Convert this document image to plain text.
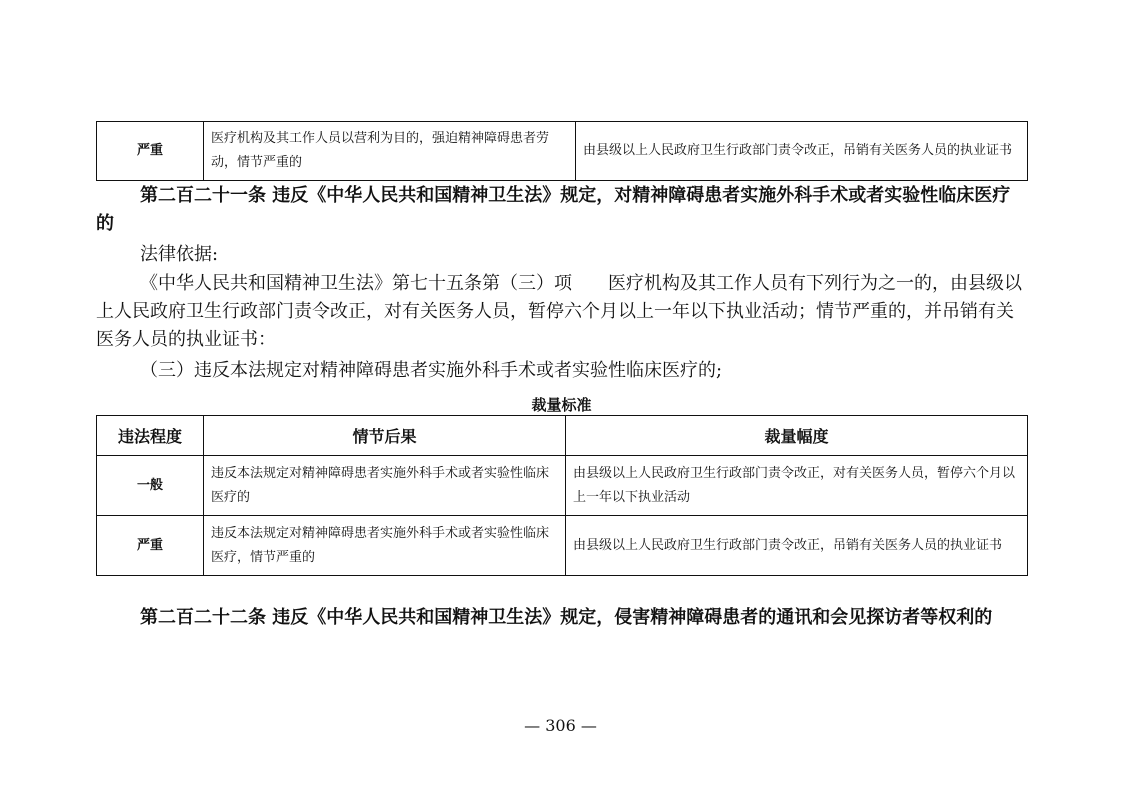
严重	医疗机构及其工作人员以营利为目的，强迫精神障碍患者劳动，情节严重的	由县级以上人民政府卫生行政部门责令改正，吊销有关医务人员的执业证书

第二百二十一条 违反《中华人民共和国精神卫生法》规定，对精神障碍患者实施外科手术或者实验性临床医疗的

法律依据:

《中华人民共和国精神卫生法》第七十五条第（三）项　　医疗机构及其工作人员有下列行为之一的，由县级以上人民政府卫生行政部门责令改正，对有关医务人员，暂停六个月以上一年以下执业活动；情节严重的，并吊销有关医务人员的执业证书：

（三）违反本法规定对精神障碍患者实施外科手术或者实验性临床医疗的;

裁量标准
违法程度	情节后果	裁量幅度
一般	违反本法规定对精神障碍患者实施外科手术或者实验性临床医疗的	由县级以上人民政府卫生行政部门责令改正，对有关医务人员，暂停六个月以上一年以下执业活动
严重	违反本法规定对精神障碍患者实施外科手术或者实验性临床医疗，情节严重的	由县级以上人民政府卫生行政部门责令改正，吊销有关医务人员的执业证书

第二百二十二条 违反《中华人民共和国精神卫生法》规定，侵害精神障碍患者的通讯和会见探访者等权利的

— 306 —
